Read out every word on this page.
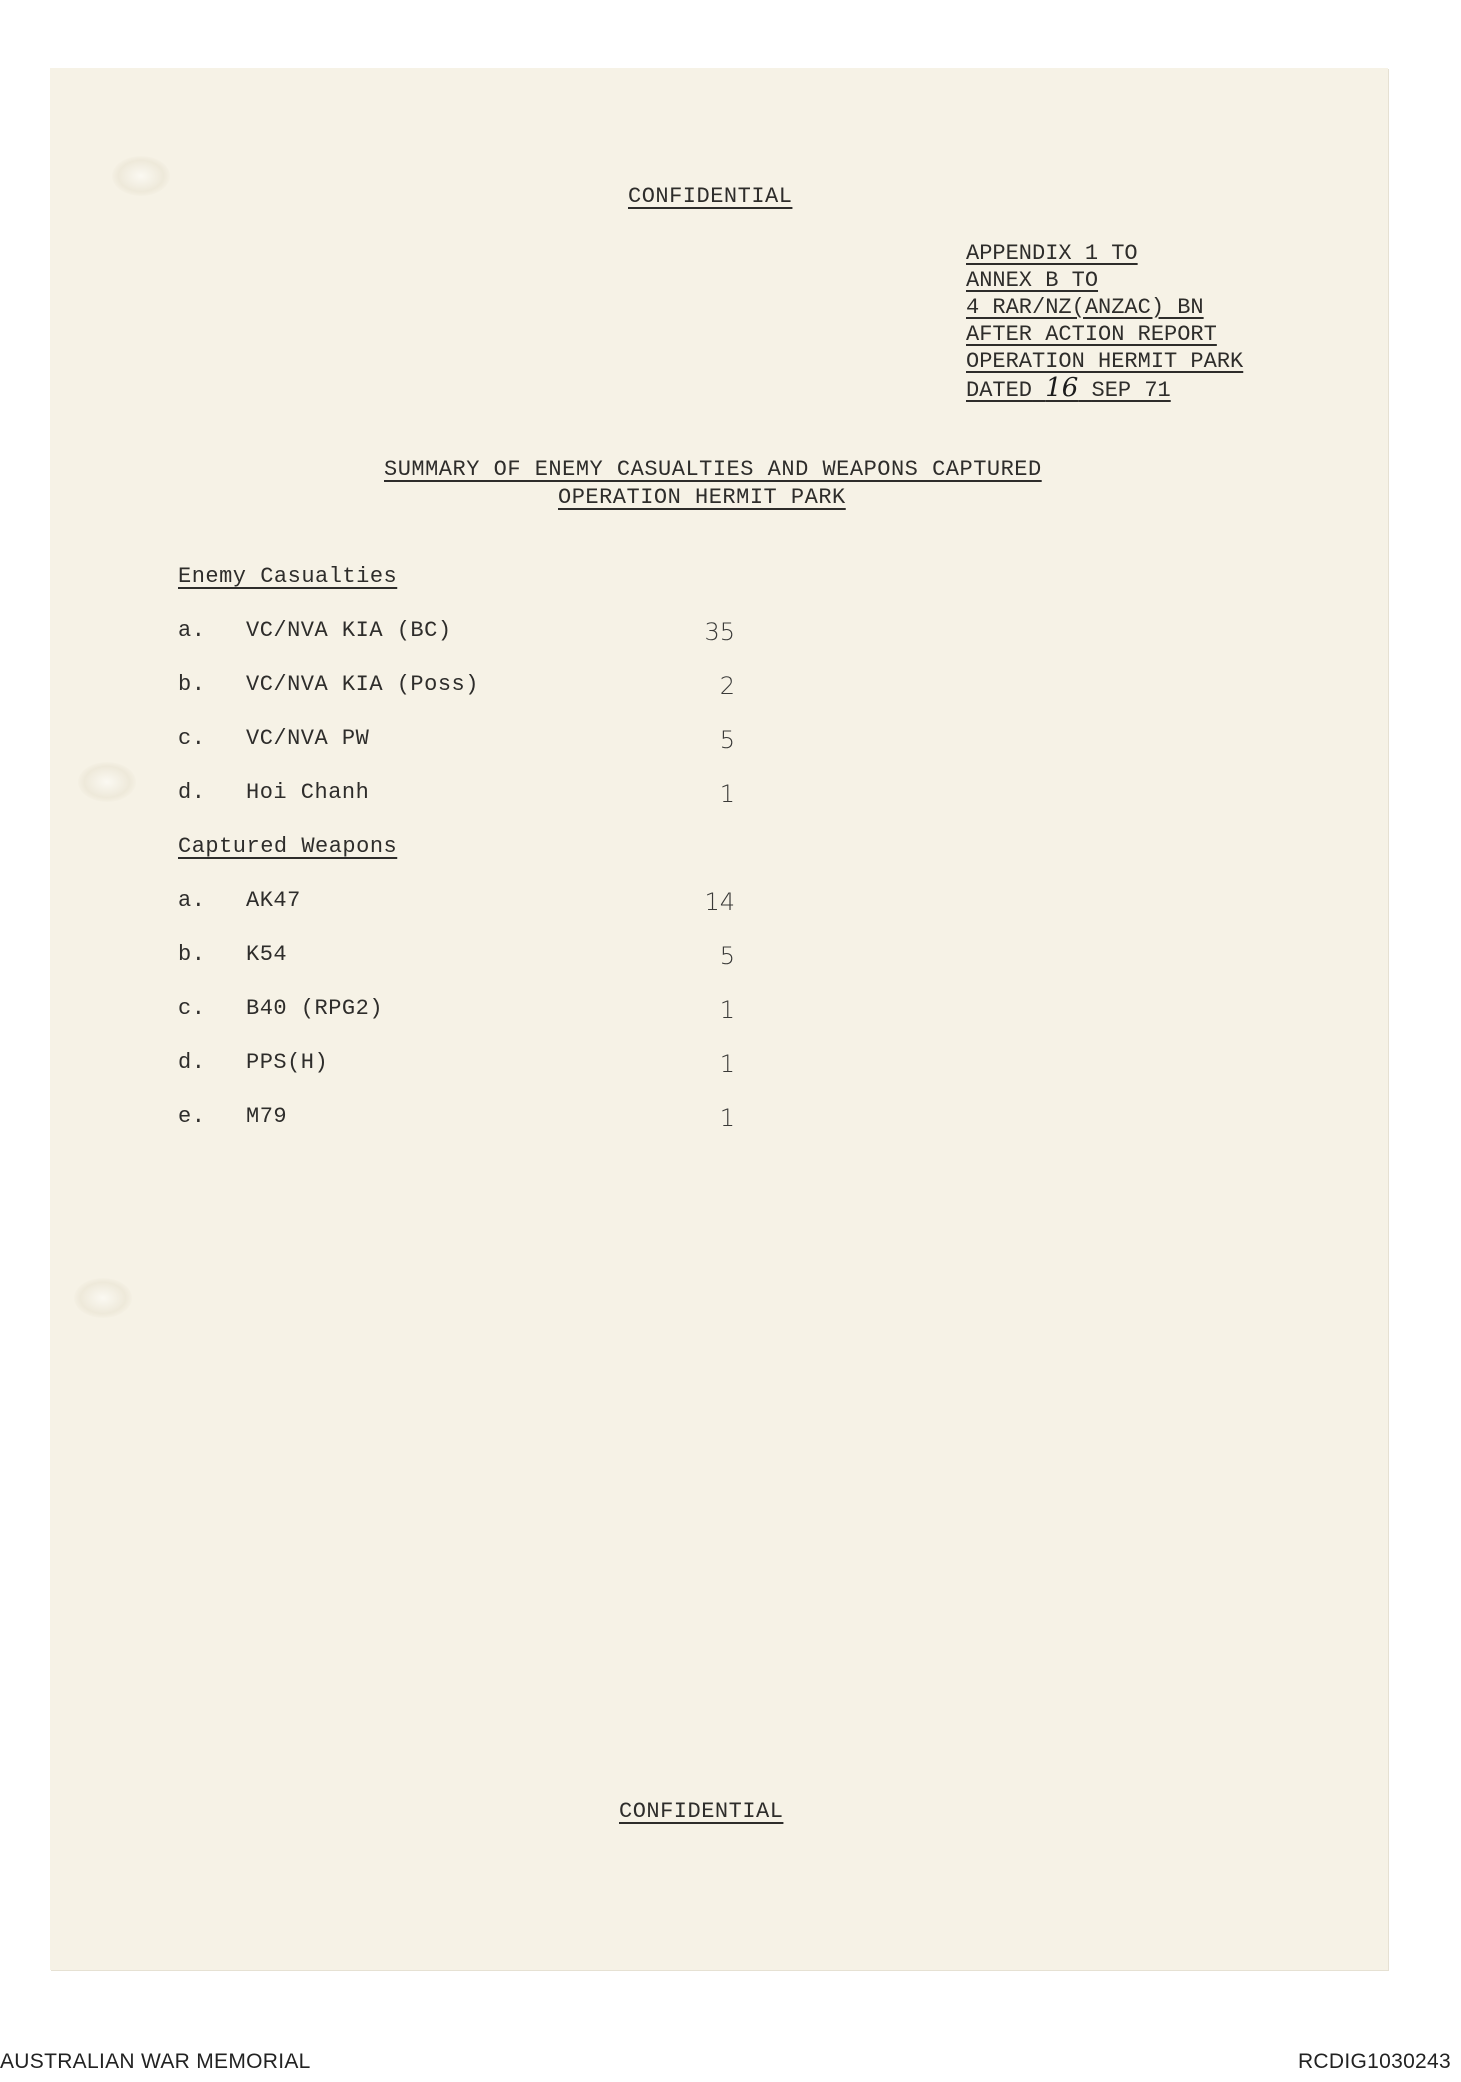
CONFIDENTIAL
APPENDIX 1 TO
ANNEX B TO
4 RAR/NZ(ANZAC) BN
AFTER ACTION REPORT
OPERATION HERMIT PARK
DATED 16 SEP 71
SUMMARY OF ENEMY CASUALTIES AND WEAPONS CAPTURED
OPERATION HERMIT PARK
Enemy Casualties
a. VC/NVA KIA (BC)	35
b. VC/NVA KIA (Poss)	2
c. VC/NVA PW	5
d. Hoi Chanh	1
Captured Weapons
a. AK47	14
b. K54	5
c. B40 (RPG2)	1
d. PPS(H)	1
e. M79	1
CONFIDENTIAL
AUSTRALIAN WAR MEMORIAL	RCDIG1030243
